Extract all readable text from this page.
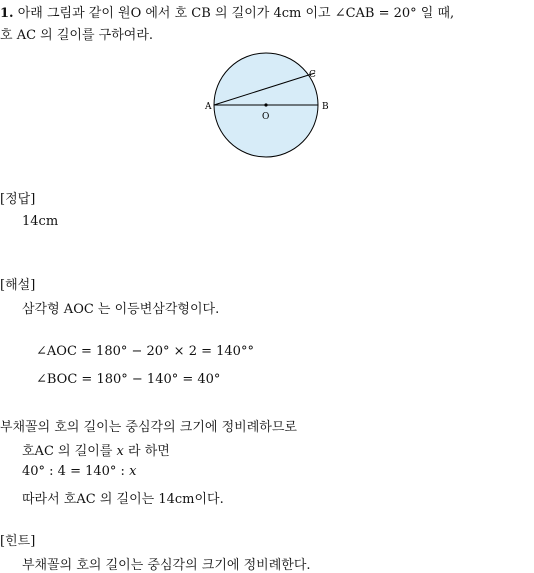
1. 아래 그림과 같이 원O 에서 호 CB 의 길이가 4cm 이고 ∠CAB = 20° 일 때,
호 AC 의 길이를 구하여라.
A	B
C
O
[정답]
14cm
[해설]
삼각형 AOC 는 이등변삼각형이다.
∠AOC = 180° − 20° × 2 = 140°°
∠BOC = 180° − 140° = 40°
부채꼴의 호의 길이는 중심각의 크기에 정비례하므로
호AC 의 길이를 x 라 하면
40° : 4 = 140° : x
따라서 호AC 의 길이는 14cm이다.
[힌트]
부채꼴의 호의 길이는 중심각의 크기에 정비례한다.
